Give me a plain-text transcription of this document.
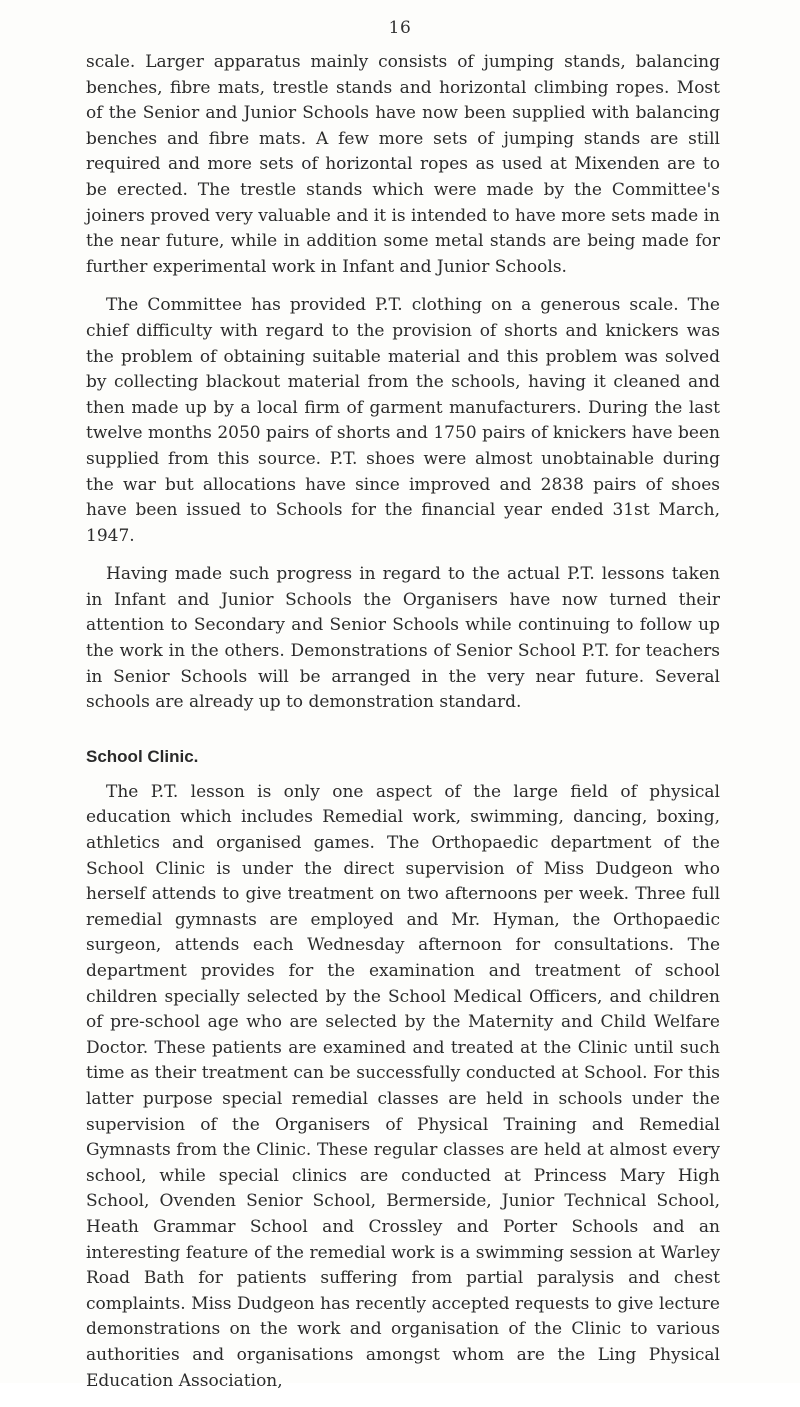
16

scale. Larger apparatus mainly consists of jumping stands, balancing benches, fibre mats, trestle stands and horizontal climbing ropes. Most of the Senior and Junior Schools have now been supplied with balancing benches and fibre mats. A few more sets of jumping stands are still required and more sets of horizontal ropes as used at Mixenden are to be erected. The trestle stands which were made by the Committee's joiners proved very valuable and it is intended to have more sets made in the near future, while in addition some metal stands are being made for further experimental work in Infant and Junior Schools.

The Committee has provided P.T. clothing on a generous scale. The chief difficulty with regard to the provision of shorts and knickers was the problem of obtaining suitable material and this problem was solved by collecting blackout material from the schools, having it cleaned and then made up by a local firm of garment manufacturers. During the last twelve months 2050 pairs of shorts and 1750 pairs of knickers have been supplied from this source. P.T. shoes were almost unobtainable during the war but allocations have since improved and 2838 pairs of shoes have been issued to Schools for the financial year ended 31st March, 1947.

Having made such progress in regard to the actual P.T. lessons taken in Infant and Junior Schools the Organisers have now turned their attention to Secondary and Senior Schools while continuing to follow up the work in the others. Demonstrations of Senior School P.T. for teachers in Senior Schools will be arranged in the very near future. Several schools are already up to demonstration standard.

School Clinic.

The P.T. lesson is only one aspect of the large field of physical education which includes Remedial work, swimming, dancing, boxing, athletics and organised games. The Orthopaedic department of the School Clinic is under the direct supervision of Miss Dudgeon who herself attends to give treatment on two afternoons per week. Three full remedial gymnasts are employed and Mr. Hyman, the Orthopaedic surgeon, attends each Wednesday afternoon for consultations. The department provides for the examination and treatment of school children specially selected by the School Medical Officers, and children of pre-school age who are selected by the Maternity and Child Welfare Doctor. These patients are examined and treated at the Clinic until such time as their treatment can be successfully conducted at School. For this latter purpose special remedial classes are held in schools under the supervision of the Organisers of Physical Training and Remedial Gymnasts from the Clinic. These regular classes are held at almost every school, while special clinics are conducted at Princess Mary High School, Ovenden Senior School, Bermerside, Junior Technical School, Heath Grammar School and Crossley and Porter Schools and an interesting feature of the remedial work is a swimming session at Warley Road Bath for patients suffering from partial paralysis and chest complaints. Miss Dudgeon has recently accepted requests to give lecture demonstrations on the work and organisation of the Clinic to various authorities and organisations amongst whom are the Ling Physical Education Association,
